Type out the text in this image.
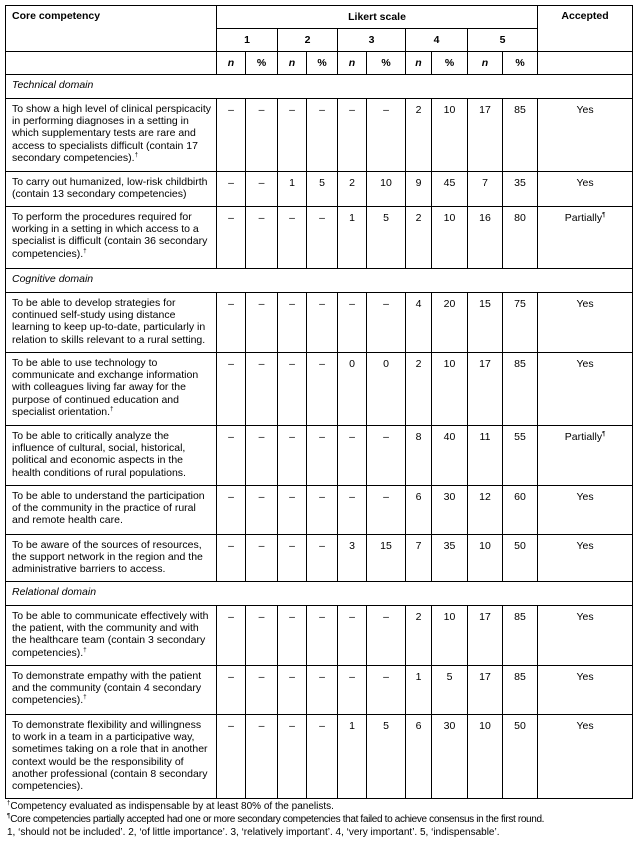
Core competency	Likert scale										Accepted
	1		2		3		4		5		
	n	%	n	%	n	%	n	%	n	%	
Technical domain											
To show a high level of clinical perspicacity in performing diagnoses in a setting in which supplementary tests are rare and access to specialists difficult (contain 17 secondary competencies).†	–	–	–	–	–	–	2	10	17	85	Yes
To carry out humanized, low-risk childbirth (contain 13 secondary competencies)	–	–	1	5	2	10	9	45	7	35	Yes
To perform the procedures required for working in a setting in which access to a specialist is difficult (contain 36 secondary competencies).†	–	–	–	–	1	5	2	10	16	80	Partially¶
Cognitive domain											
To be able to develop strategies for continued self-study using distance learning to keep up-to-date, particularly in relation to skills relevant to a rural setting.	–	–	–	–	–	–	4	20	15	75	Yes
To be able to use technology to communicate and exchange information with colleagues living far away for the purpose of continued education and specialist orientation.†	–	–	–	–	0	0	2	10	17	85	Yes
To be able to critically analyze the influence of cultural, social, historical, political and economic aspects in the health conditions of rural populations.	–	–	–	–	–	–	8	40	11	55	Partially¶
To be able to understand the participation of the community in the practice of rural and remote health care.	–	–	–	–	–	–	6	30	12	60	Yes
To be aware of the sources of resources, the support network in the region and the administrative barriers to access.	–	–	–	–	3	15	7	35	10	50	Yes
Relational domain											
To be able to communicate effectively with the patient, with the community and with the healthcare team (contain 3 secondary competencies).†	–	–	–	–	–	–	2	10	17	85	Yes
To demonstrate empathy with the patient and the community (contain 4 secondary competencies).†	–	–	–	–	–	–	1	5	17	85	Yes
To demonstrate flexibility and willingness to work in a team in a participative way, sometimes taking on a role that in another context would be the responsibility of another professional (contain 8 secondary competencies).	–	–	–	–	1	5	6	30	10	50	Yes
†Competency evaluated as indispensable by at least 80% of the panelists.
¶Core competencies partially accepted had one or more secondary competencies that failed to achieve consensus in the first round.
1, ‘should not be included’. 2, ‘of little importance’. 3, ‘relatively important’. 4, ‘very important’. 5, ‘indispensable’.
